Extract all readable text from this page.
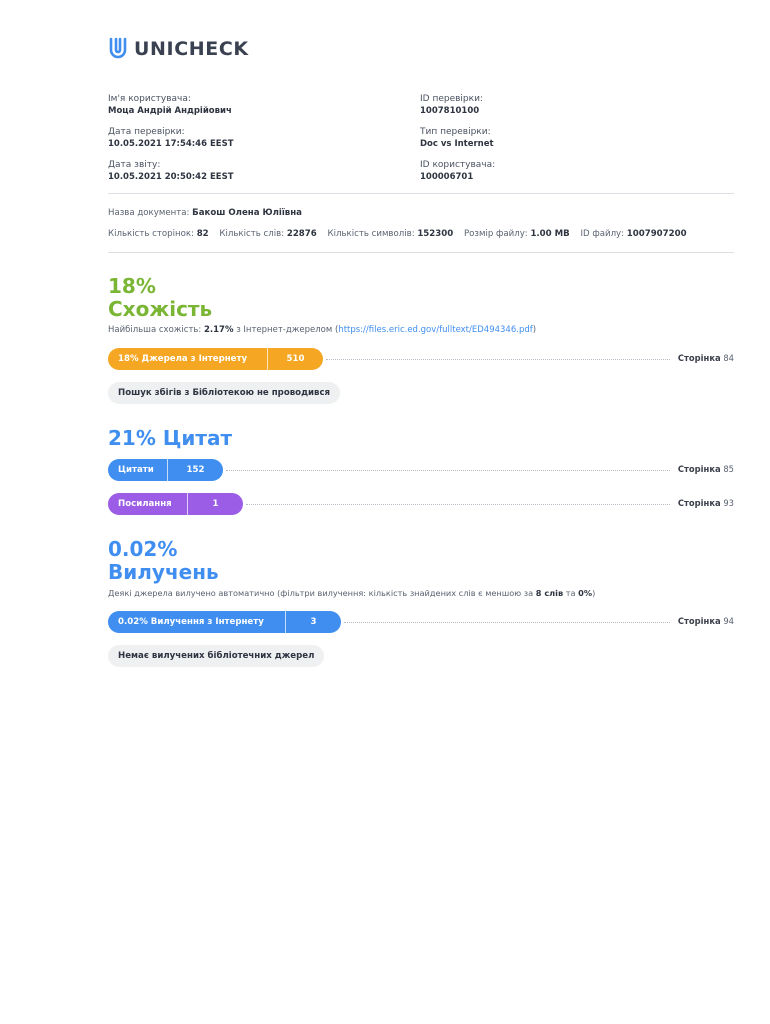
UNICHECK
Ім'я користувача:
Моца Андрій Андрійович
Дата перевірки:
10.05.2021 17:54:46 EEST
Дата звіту:
10.05.2021 20:50:42 EEST
ID перевірки:
1007810100
Тип перевірки:
Doc vs Internet
ID користувача:
100006701
Назва документа: Бакош Олена Юліївна
Кількість сторінок: 82 Кількість слів: 22876 Кількість символів: 152300 Розмір файлу: 1.00 MB ID файлу: 1007907200
18%
Схожість
Найбільша схожість: 2.17% з Інтернет-джерелом (https://files.eric.ed.gov/fulltext/ED494346.pdf)
18% Джерела з Інтернету	510	Сторінка 84
Пошук збігів з Бібліотекою не проводився
21% Цитат
Цитати	152	Сторінка 85
Посилання	1	Сторінка 93
0.02%
Вилучень
Деякі джерела вилучено автоматично (фільтри вилучення: кількість знайдених слів є меншою за 8 слів та 0%)
0.02% Вилучення з Інтернету	3	Сторінка 94
Немає вилучених бібліотечних джерел
